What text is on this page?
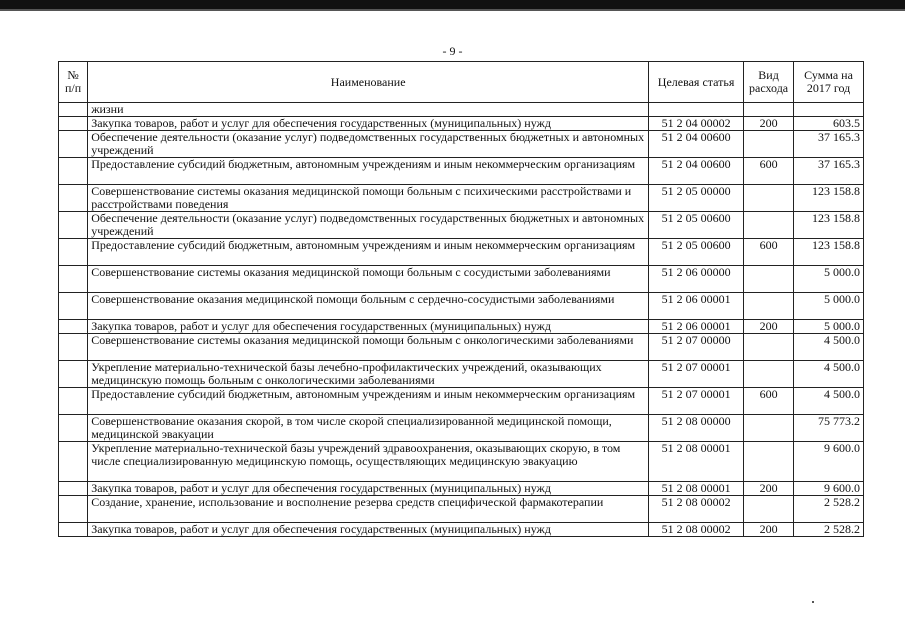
- 9 -
№ п/п	Наименование	Целевая статья	Вид расхода	Сумма на 2017 год
	жизни			
	Закупка товаров, работ и услуг для обеспечения государственных (муниципальных) нужд	51 2 04 00002	200	603.5
	Обеспечение деятельности (оказание услуг) подведомственных государственных бюджетных и автономных учреждений	51 2 04 00600		37 165.3
	Предоставление субсидий бюджетным, автономным учреждениям и иным некоммерческим организациям	51 2 04 00600	600	37 165.3
	Совершенствование системы оказания медицинской помощи больным с психическими расстройствами и расстройствами поведения	51 2 05 00000		123 158.8
	Обеспечение деятельности (оказание услуг) подведомственных государственных бюджетных и автономных учреждений	51 2 05 00600		123 158.8
	Предоставление субсидий бюджетным, автономным учреждениям и иным некоммерческим организациям	51 2 05 00600	600	123 158.8
	Совершенствование системы оказания медицинской помощи больным с сосудистыми заболеваниями	51 2 06 00000		5 000.0
	Совершенствование оказания медицинской помощи больным с сердечно-сосудистыми заболеваниями	51 2 06 00001		5 000.0
	Закупка товаров, работ и услуг для обеспечения государственных (муниципальных) нужд	51 2 06 00001	200	5 000.0
	Совершенствование системы оказания медицинской помощи больным с онкологическими заболеваниями	51 2 07 00000		4 500.0
	Укрепление материально-технической базы лечебно-профилактических учреждений, оказывающих медицинскую помощь больным с онкологическими заболеваниями	51 2 07 00001		4 500.0
	Предоставление субсидий бюджетным, автономным учреждениям и иным некоммерческим организациям	51 2 07 00001	600	4 500.0
	Совершенствование оказания скорой, в том числе скорой специализированной медицинской помощи, медицинской эвакуации	51 2 08 00000		75 773.2
	Укрепление материально-технической базы учреждений здравоохранения, оказывающих скорую, в том числе специализированную медицинскую помощь, осуществляющих медицинскую эвакуацию	51 2 08 00001		9 600.0
	Закупка товаров, работ и услуг для обеспечения государственных (муниципальных) нужд	51 2 08 00001	200	9 600.0
	Создание, хранение, использование и восполнение резерва средств специфической фармакотерапии	51 2 08 00002		2 528.2
	Закупка товаров, работ и услуг для обеспечения государственных (муниципальных) нужд	51 2 08 00002	200	2 528.2
